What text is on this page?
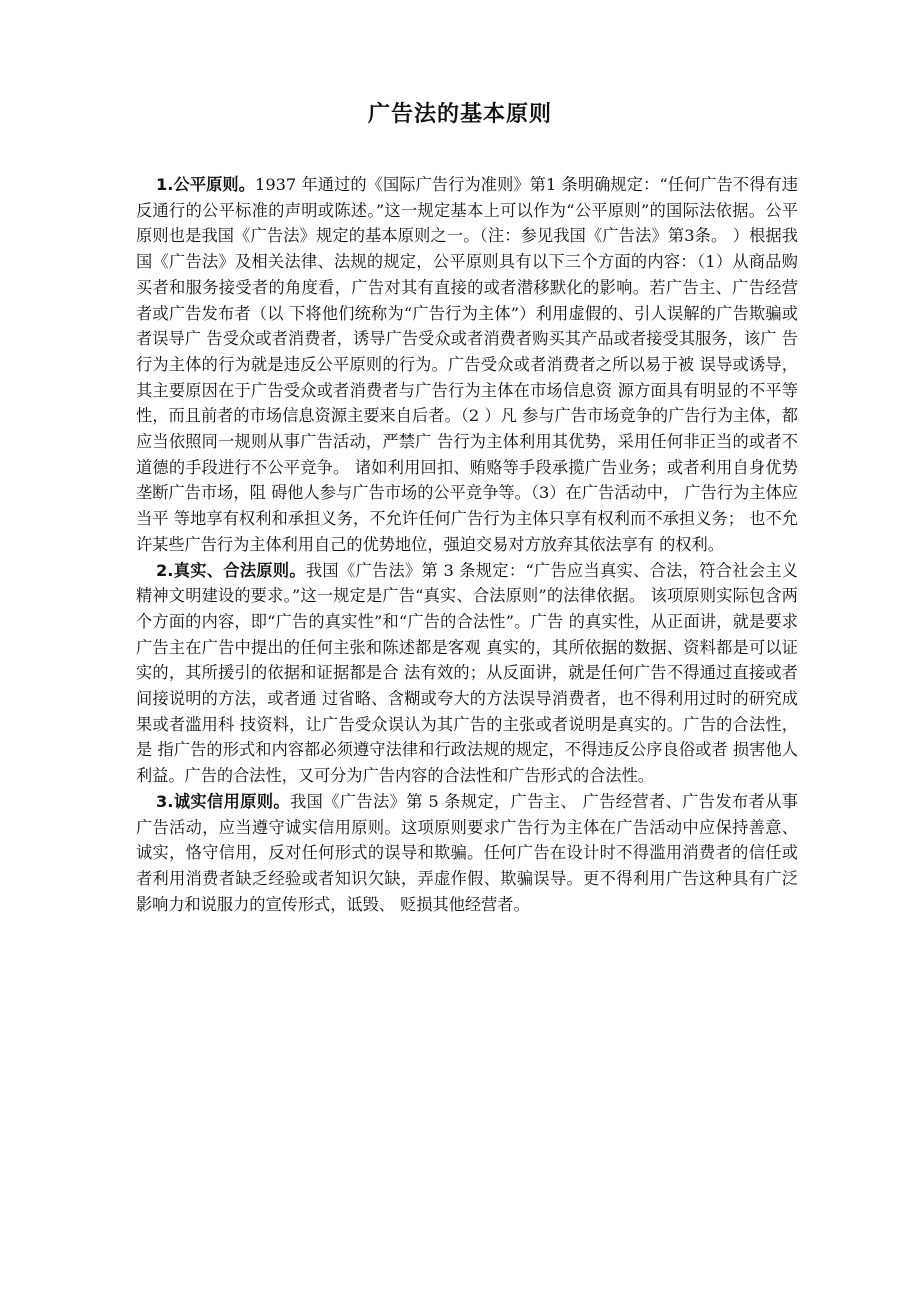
广告法的基本原则

1.公平原则。1937 年通过的《国际广告行为准则》第1 条明确规定：“任何广告不得有违反通行的公平标准的声明或陈述。”这一规定基本上可以作为“公平原则”的国际法依据。公平原则也是我国《广告法》规定的基本原则之一。（注：参见我国《广告法》第3条。 ）根据我国《广告法》及相关法律、法规的规定，公平原则具有以下三个方面的内容：（1）从商品购买者和服务接受者的角度看，广告对其有直接的或者潜移默化的影响。若广告主、广告经营者或广告发布者（以 下将他们统称为“广告行为主体”）利用虚假的、引人误解的广告欺骗或者误导广 告受众或者消费者，诱导广告受众或者消费者购买其产品或者接受其服务，该广 告行为主体的行为就是违反公平原则的行为。广告受众或者消费者之所以易于被 误导或诱导，其主要原因在于广告受众或者消费者与广告行为主体在市场信息资 源方面具有明显的不平等性，而且前者的市场信息资源主要来自后者。（2 ）凡 参与广告市场竞争的广告行为主体，都应当依照同一规则从事广告活动，严禁广 告行为主体利用其优势，采用任何非正当的或者不道德的手段进行不公平竞争。 诸如利用回扣、贿赂等手段承揽广告业务；或者利用自身优势垄断广告市场，阻 碍他人参与广告市场的公平竞争等。（3）在广告活动中， 广告行为主体应当平 等地享有权利和承担义务，不允许任何广告行为主体只享有权利而不承担义务； 也不允许某些广告行为主体利用自己的优势地位，强迫交易对方放弃其依法享有 的权利。

2.真实、合法原则。我国《广告法》第 3 条规定：“广告应当真实、合法，符合社会主义精神文明建设的要求。”这一规定是广告“真实、合法原则”的法律依据。 该项原则实际包含两个方面的内容，即“广告的真实性”和“广告的合法性”。广告 的真实性，从正面讲，就是要求广告主在广告中提出的任何主张和陈述都是客观 真实的，其所依据的数据、资料都是可以证实的，其所援引的依据和证据都是合 法有效的；从反面讲，就是任何广告不得通过直接或者间接说明的方法，或者通 过省略、含糊或夸大的方法误导消费者，也不得利用过时的研究成果或者滥用科 技资料，让广告受众误认为其广告的主张或者说明是真实的。广告的合法性，是 指广告的形式和内容都必须遵守法律和行政法规的规定，不得违反公序良俗或者 损害他人利益。广告的合法性，又可分为广告内容的合法性和广告形式的合法性。

3.诚实信用原则。我国《广告法》第 5 条规定，广告主、 广告经营者、广告发布者从事广告活动，应当遵守诚实信用原则。这项原则要求广告行为主体在广告活动中应保持善意、诚实，恪守信用，反对任何形式的误导和欺骗。任何广告在设计时不得滥用消费者的信任或者利用消费者缺乏经验或者知识欠缺，弄虚作假、欺骗误导。更不得利用广告这种具有广泛影响力和说服力的宣传形式，诋毁、 贬损其他经营者。
